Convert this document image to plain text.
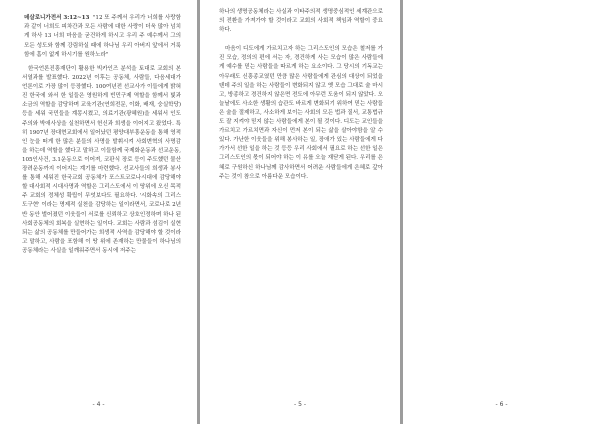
데살로니가전서 3:12~13 "12 또 주께서 우리가 너희를 사랑함과 같이 너희도 피차간과 모든 사람에 대한 사랑이 더욱 많아 넘치게 하사 13 너희 마음을 굳건하게 하시고 우리 주 예수께서 그의 모든 성도와 함께 강림하실 때에 하나님 우리 아버지 앞에서 거룩함에 흠이 없게 하시기를 원하노라"

한국언론진흥재단이 활용한 빅카인즈 분석을 토대로 교회의 본서열과를 발표했다. 2022년 이후는 공동체, 사람들, 다음세대가 언론이로 가장 많이 등장했다. 100여년전 선교사가 이들에게 밝혀진 한국에 와서 한 일들은 영원하게 빈민구제 역할을 함께서 빛과 소금의 역할을 감당하며 교육기관(연희전문, 이화, 배재, 숭실학당) 등을 세워 국민들을 계몽시켰고, 의료기관(광혜원)을 세워서 인도주의와 박애사상을 실천하면서 헌신과 희생을 이어지고 왔었다. 특히 1907년 장대현교회에서 일어났던 평양대부흥운동을 통해 영적인 눈을 떠게 한 많은 분들의 사명을 발휘시켜 사회변혁의 사명감을 하는데 역할을 했다고 말하고 이들함께 국제화운동과 선교운동, 105인사건, 3.1운동으로 이어져, 코판식 장로 등이 주도했던 물산장려운동까지 이어지는 계기를 마련했다. 선교사들의 희생과 봉사를 통해 세워진 한국교회 공동체가 포스트코로나시대에 감당해야 할 대사회적 시대사명과 역할은 그리스도에서 이 땅위에 오신 목적 주 교회의 정체성 확립이 무엇보다도 필요하다. '시화속의 그리스도구현' 이라는 명제적 실천을 감당하는 일이라면서, 코로나로 2년 반 동안 벌어졌던 이웃들이 서로를 신뢰하고 상호인정하며 하나 된 사회공동체의 회복을 실현하는 일이다. 교회는 사람과 섬김이 실현되는 삶의 공동체를 만들어가는 희생적 사역을 감당해야 할 것이라고 말하고, 사람을 포함해 이 땅 위에 존재하는 만물들이 하나님의 공동체라는 사실을 일깨워주면서 동시에 저주는

- 4 -

하나의 생명공동체라는 사실과 이타주의적 생명중심적인 세계관으로의 전환을 가져가야 할 것이라고 교회의 사회적 책임과 역할이 중요하다.

마음이 디도에게 가르치고자 하는 그리스도인의 모습은 철저를 가진 모습, 정의의 편에 서는 자, 경건하게 사는 모습이 많은 사람들에게 예수를 믿는 사람들을 따르게 하는 요소이다. 그 당시의 기독교는 아무래도 신흥종교였던 만큼 많은 사람들에게 관심의 대상이 되었을 텐데 주의 일을 하는 사람들이 변화되지 않고 옛 모습 그대로 술 마시고, 방종하고 경건하지 않은면 전도에 아무런 도움이 되지 않았다. 오늘날에도 사소한 생활의 습관도 바르게 변화되기 위하여 믿는 사람들은 술을 절제하고, 사소하게 보이는 사회의 모든 법과 질서, 교통법규도 잘 지켜야 믿지 않는 사람들에게 본이 될 것이다. 디도는 교인들을 가르치고 가르치면과 자신이 먼저 본이 되는 삶을 살아야함을 알 수 있다. 가난한 이웃들을 위해 봉사하는 일, 장애가 있는 사람들에게 다가가서 선한 일을 하는 것 등등 우리 사회에서 필요로 하는 선한 일은 그리스도인의 몫이 되어야 하는 이 유를 오늘 재닫게 된다. 우리를 은혜로 구원하신 하나님께 감사하면서 어려운 사람들에게 은혜로 갚아주는 것이 참으로 아름다운 모습이다.

- 5 -	- 6 -
